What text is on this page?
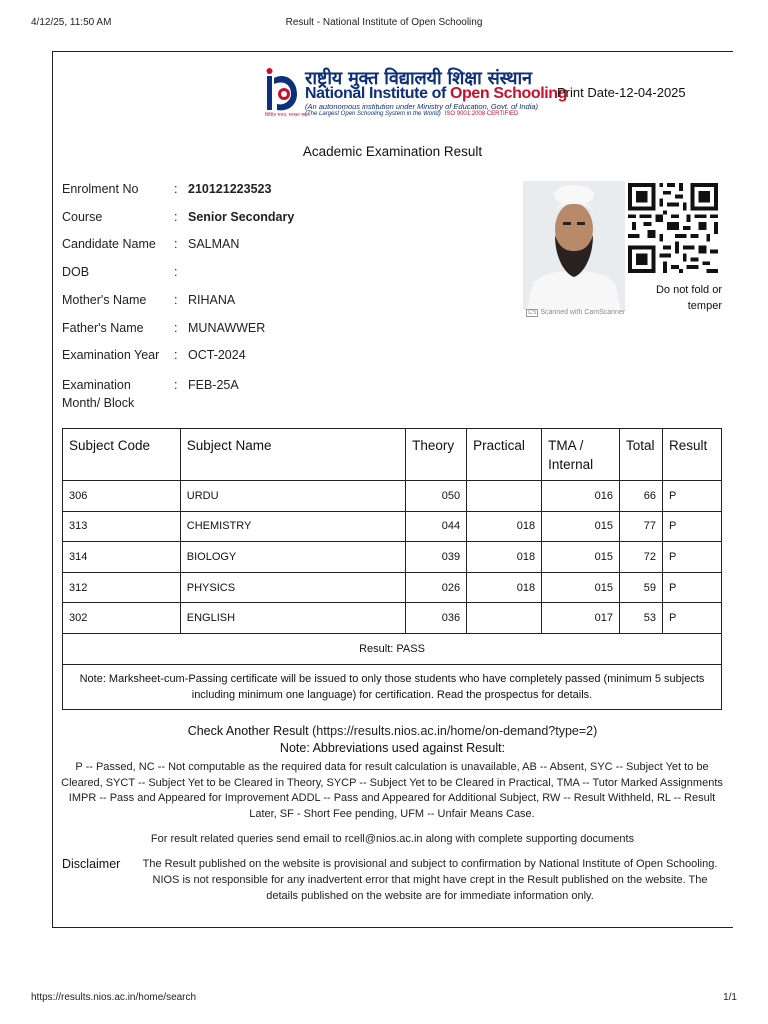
4/12/25, 11:50 AM	Result - National Institute of Open Schooling
राष्ट्रीय मुक्त विद्यालयी शिक्षा संस्थान
National Institute of Open Schooling
(An autonomous institution under Ministry of Education, Govt. of India)
(The Largest Open Schooling System in the World) ISO 9001:2008 CERTIFIED
शिक्षित भारत, सशक्त भारत
Print Date-12-04-2025
Academic Examination Result
Enrolment No	: 210121223523
Course	: Senior Secondary
Candidate Name	: SALMAN
DOB	:
Mother's Name	: RIHANA
Father's Name	: MUNAWWER
Examination Year	: OCT-2024
Examination Month/ Block
: FEB-25A
CS Scanned with CamScanner
Do not fold or temper
Subject Code	Subject Name	Theory	Practical	TMA / Internal	Total	Result
306	URDU	050		016	66	P
313	CHEMISTRY	044	018	015	77	P
314	BIOLOGY	039	018	015	72	P
312	PHYSICS	026	018	015	59	P
302	ENGLISH	036		017	53	P
Result: PASS						
Note: Marksheet-cum-Passing certificate will be issued to only those students who have completely passed (minimum 5 subjects including minimum one language) for certification. Read the prospectus for details.						
Check Another Result (https://results.nios.ac.in/home/on-demand?type=2)
Note: Abbreviations used against Result:
P -- Passed, NC -- Not computable as the required data for result calculation is unavailable, AB -- Absent, SYC -- Subject Yet to be Cleared, SYCT -- Subject Yet to be Cleared in Theory, SYCP -- Subject Yet to be Cleared in Practical, TMA -- Tutor Marked Assignments IMPR -- Pass and Appeared for Improvement ADDL -- Pass and Appeared for Additional Subject, RW -- Result Withheld, RL -- Result Later, SF - Short Fee pending, UFM -- Unfair Means Case.
For result related queries send email to rcell@nios.ac.in along with complete supporting documents
Disclaimer	The Result published on the website is provisional and subject to confirmation by National Institute of Open Schooling. NIOS is not responsible for any inadvertent error that might have crept in the Result published on the website. The details published on the website are for immediate information only.
https://results.nios.ac.in/home/search	1/1
